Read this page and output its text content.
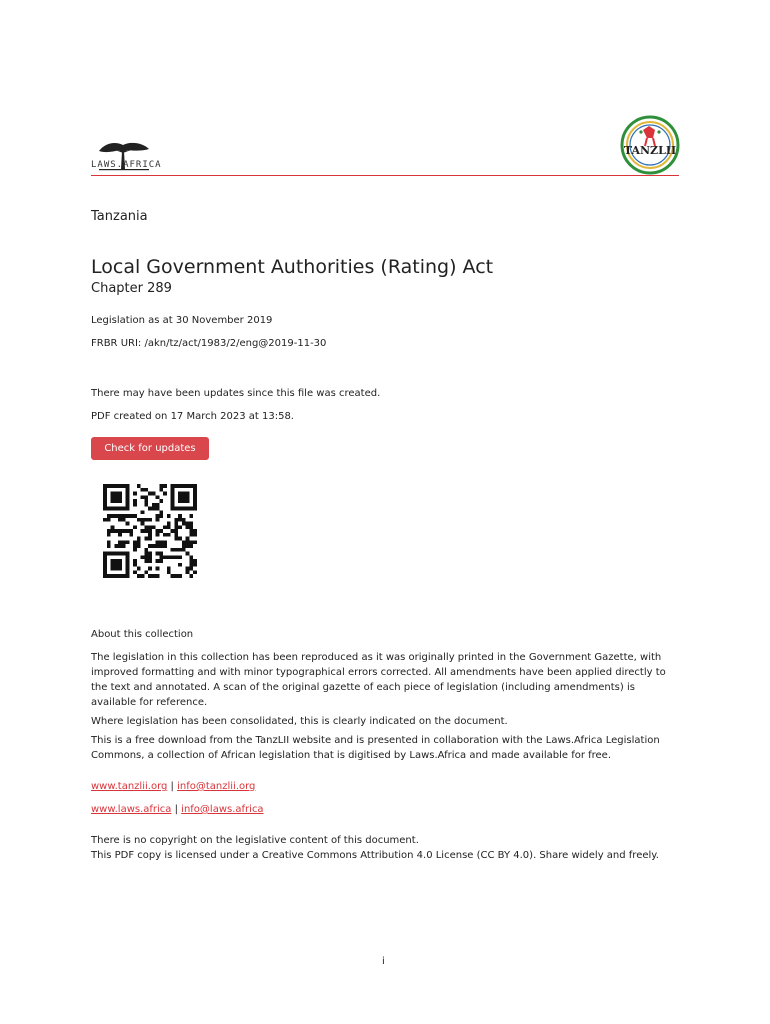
LAWS.AFRICA
TANZLII
Tanzania
Local Government Authorities (Rating) Act
Chapter 289
Legislation as at 30 November 2019
FRBR URI: /akn/tz/act/1983/2/eng@2019-11-30
There may have been updates since this file was created.
PDF created on 17 March 2023 at 13:58.
Check for updates

About this collection

The legislation in this collection has been reproduced as it was originally printed in the Government Gazette, with improved formatting and with minor typographical errors corrected. All amendments have been applied directly to the text and annotated. A scan of the original gazette of each piece of legislation (including amendments) is available for reference.

Where legislation has been consolidated, this is clearly indicated on the document.

This is a free download from the TanzLII website and is presented in collaboration with the Laws.Africa Legislation Commons, a collection of African legislation that is digitised by Laws.Africa and made available for free.

www.tanzlii.org | info@tanzlii.org

www.laws.africa | info@laws.africa

There is no copyright on the legislative content of this document.

This PDF copy is licensed under a Creative Commons Attribution 4.0 License (CC BY 4.0). Share widely and freely.

i
